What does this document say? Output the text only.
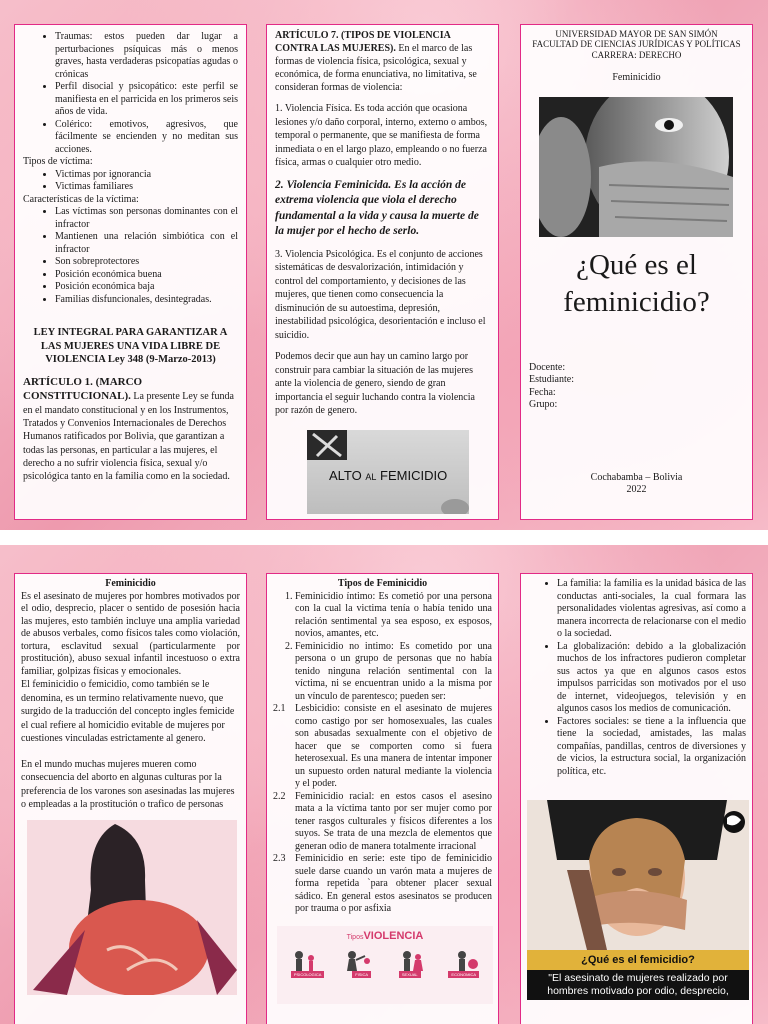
• Traumas: estos pueden dar lugar a perturbaciones psíquicas más o menos graves, hasta verdaderas psicopatías agudas o crónicas
• Perfil disocial y psicopático: este perfil se manifiesta en el parricida en los primeros seis años de vida.
• Colérico: emotivos, agresivos, que fácilmente se encienden y no meditan sus acciones.

Tipos de víctima:

• Victimas por ignorancia
• Victimas familiares

Características de la víctima:

• Las víctimas son personas dominantes con el infractor
• Mantienen una relación simbiótica con el infractor
• Son sobreprotectores
• Posición económica buena
• Posición económica baja
• Familias disfuncionales, desintegradas.

LEY INTEGRAL PARA GARANTIZAR A LAS MUJERES UNA VIDA LIBRE DE VIOLENCIA Ley 348 (9-Marzo-2013)

ARTÍCULO 1. (MARCO CONSTITUCIONAL). La presente Ley se funda en el mandato constitucional y en los Instrumentos, Tratados y Convenios Internacionales de Derechos Humanos ratificados por Bolivia, que garantizan a todas las personas, en particular a las mujeres, el derecho a no sufrir violencia física, sexual y/o psicológica tanto en la familia como en la sociedad.

ARTÍCULO 7. (TIPOS DE VIOLENCIA CONTRA LAS MUJERES). En el marco de las formas de violencia física, psicológica, sexual y económica, de forma enunciativa, no limitativa, se consideran formas de violencia:

1. Violencia Física. Es toda acción que ocasiona lesiones y/o daño corporal, interno, externo o ambos, temporal o permanente, que se manifiesta de forma inmediata o en el largo plazo, empleando o no fuerza física, armas o cualquier otro medio.

2. Violencia Feminicida. Es la acción de extrema violencia que viola el derecho fundamental a la vida y causa la muerte de la mujer por el hecho de serlo.

3. Violencia Psicológica. Es el conjunto de acciones sistemáticas de desvalorización, intimidación y control del comportamiento, y decisiones de las mujeres, que tienen como consecuencia la disminución de su autoestima, depresión, inestabilidad psicológica, desorientación e incluso el suicidio.

Podemos decir que aun hay un camino largo por construir para cambiar la situación de las mujeres ante la violencia de genero, siendo de gran importancia el seguir luchando contra la violencia por razón de genero.

ALTO AL FEMICIDIO
UNIVERSIDAD MAYOR DE SAN SIMÓN
FACULTAD DE CIENCIAS JURÍDICAS Y POLÍTICAS
CARRERA: DERECHO
Feminicidio
¿Qué es el feminicidio?
Docente:
Estudiante:
Fecha:
Grupo:
Cochabamba – Bolivia
2022
Feminicidio

Es el asesinato de mujeres por hombres motivados por el odio, desprecio, placer o sentido de posesión hacia las mujeres, esto también incluye una amplia variedad de abusos verbales, como físicos tales como violación, tortura, esclavitud sexual (particularmente por prostitución), abuso sexual infantil incestuoso o extra familiar, golpizas físicas y emocionales.

El feminicidio o femicidio, como también se le denomina, es un termino relativamente nuevo, que surgido de la traducción del concepto ingles femicide el cual refiere al homicidio evitable de mujeres por cuestiones vinculadas estrictamente al genero.

En el mundo muchas mujeres mueren como consecuencia del aborto en algunas culturas por la preferencia de los varones son asesinadas las mujeres o empleadas a la prostitución o trafico de personas

Tipos de Feminicidio
1. Feminicidio íntimo: Es cometió por una persona con la cual la victima tenía o había tenido una relación sentimental ya sea esposo, ex esposos, novios, amantes, etc.
2. Feminicidio no intimo: Es cometido por una persona o un grupo de personas que no había tenido ninguna relación sentimental con la víctima, ni se encuentran unido a la misma por un vínculo de parentesco; pueden ser:
2.1 Lesbicidio: consiste en el asesinato de mujeres como castigo por ser homosexuales, las cuales son abusadas sexualmente con el objetivo de hacer que se comporten como si fuera heterosexual. Es una manera de intentar imponer un supuesto orden natural mediante la violencia y el poder.
2.2 Feminicidio racial: en estos casos el asesino mata a la víctima tanto por ser mujer como por tener rasgos culturales y físicos diferentes a los suyos. Se trata de una mezcla de elementos que generan odio de manera totalmente irracional
2.3 Feminicidio en serie: este tipo de feminicidio suele darse cuando un varón mata a mujeres de forma repetida `para obtener placer sexual sádico. En general estos asesinatos se producen por trauma o por asfixia
TiposVIOLENCIA
PSICOLOGICA	FISICA	SEXUAL	ECONOMICA
• La familia: la familia es la unidad básica de las conductas anti-sociales, la cual formara las personalidades violentas agresivas, así como a manera incorrecta de relacionarse con el medio o la sociedad.
• La globalización: debido a la globalización muchos de los infractores pudieron completar sus actos ya que en algunos casos estos impulsos parricidas son motivados por el uso de internet, videojuegos, televisión y en algunos casos los medios de comunicación.
• Factores sociales: se tiene a la influencia que tiene la sociedad, amistades, las malas compañías, pandillas, centros de diversiones y de vicios, la estructura social, la organización política, etc.
¿Qué es el femicidio?
"El asesinato de mujeres realizado por hombres motivado por odio, desprecio,
